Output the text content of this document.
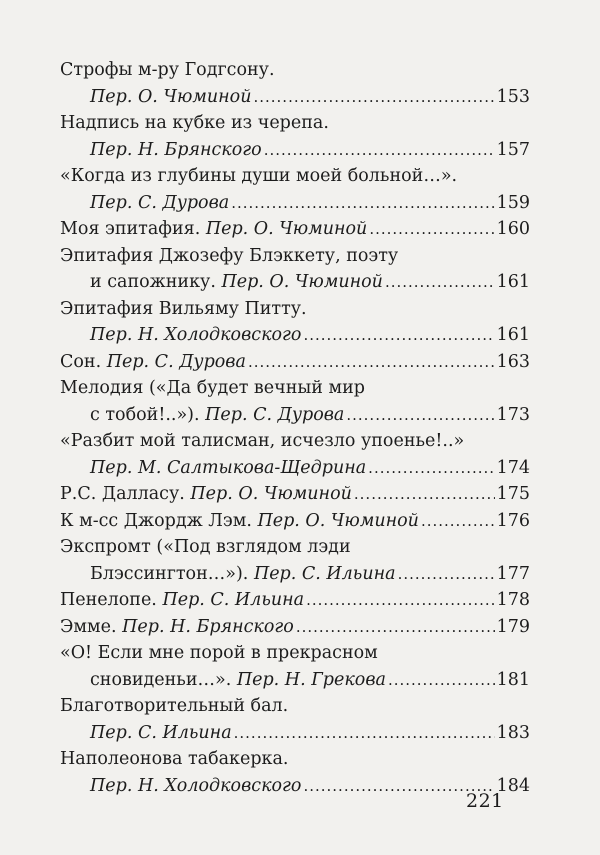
Строфы м-ру Годгсону.
Пер. О. Чюминой .....	153
Надпись на кубке из черепа.
Пер. Н. Брянского .....	157
«Когда из глубины души моей больной…».
Пер. С. Дурова .....	159
Моя эпитафия. Пер. О. Чюминой .....	160
Эпитафия Джозефу Блэккету, поэту
и сапожнику. Пер. О. Чюминой .....	161
Эпитафия Вильяму Питту.
Пер. Н. Холодковского .....	161
Сон. Пер. С. Дурова .....	163
Мелодия («Да будет вечный мир
с тобой!..»). Пер. С. Дурова .....	173
«Разбит мой талисман, исчезло упоенье!..»
Пер. М. Салтыкова-Щедрина .....	174
Р.С. Далласу. Пер. О. Чюминой .....	175
К м-сс Джордж Лэм. Пер. О. Чюминой .....	176
Экспромт («Под взглядом лэди
Блэссингтон…»). Пер. С. Ильина .....	177
Пенелопе. Пер. С. Ильина .....	178
Эмме. Пер. Н. Брянского .....	179
«О! Если мне порой в прекрасном
сновиденьи…». Пер. Н. Грекова .....	181
Благотворительный бал.
Пер. С. Ильина .....	183
Наполеонова табакерка.
Пер. Н. Холодковского .....	184
221
